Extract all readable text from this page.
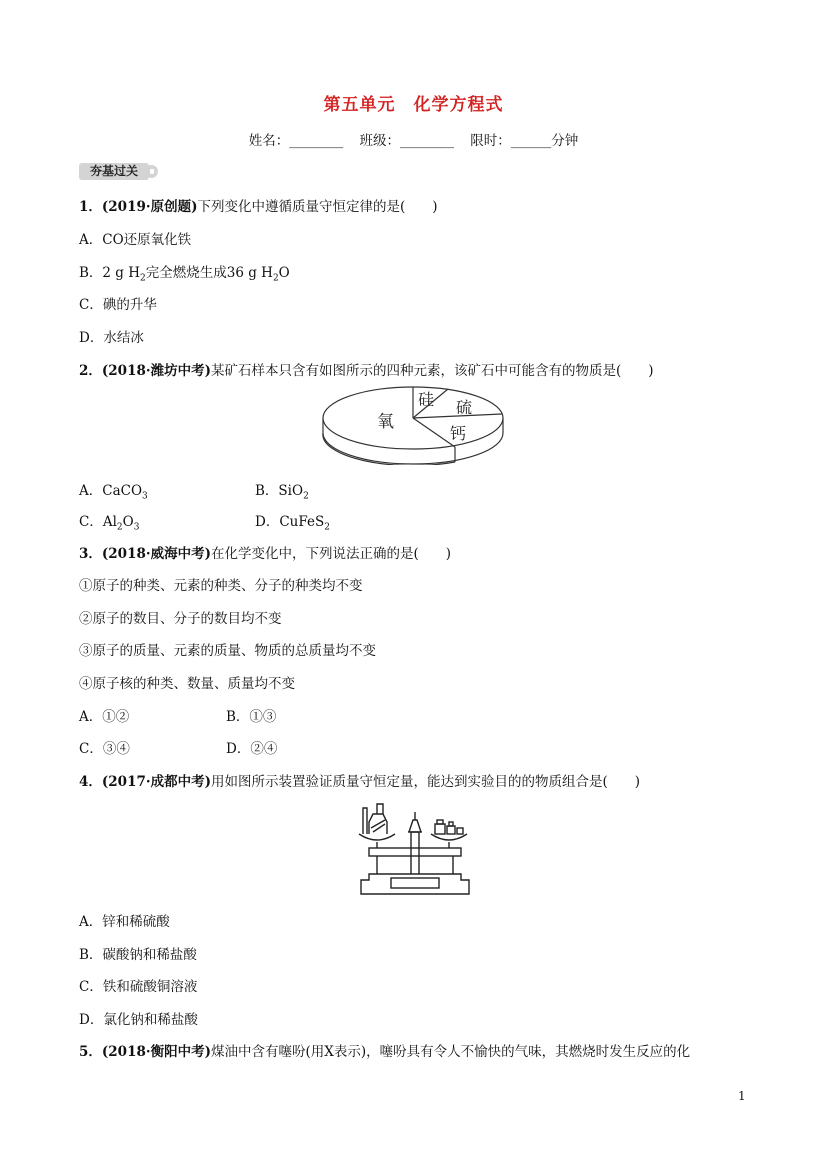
第五单元　化学方程式
姓名：________ 班级：________ 限时：______分钟
夯基过关
1．(2019·原创题)下列变化中遵循质量守恒定律的是(　　)
A．CO还原氧化铁
B．2 g $H_2$完全燃烧生成36 g $H_2O$
C．碘的升华
D．水结冰
2．(2018·潍坊中考)某矿石样本只含有如图所示的四种元素，该矿石中可能含有的物质是(　　)
氧
硅 硫
钙
A．CaCO$_3$	B．SiO$_2$
C．$Al_2O_3$	D．CuFeS$_2$
3．(2018·威海中考)在化学变化中，下列说法正确的是(　　)
①原子的种类、元素的种类、分子的种类均不变
②原子的数目、分子的数目均不变
③原子的质量、元素的质量、物质的总质量均不变
④原子核的种类、数量、质量均不变
A．①②	B．①③
C．③④	D．②④
4．(2017·成都中考)用如图所示装置验证质量守恒定量，能达到实验目的的物质组合是(　　)
A．锌和稀硫酸
B．碳酸钠和稀盐酸
C．铁和硫酸铜溶液
D．氯化钠和稀盐酸
5．(2018·衡阳中考)煤油中含有噻吩(用X表示)，噻吩具有令人不愉快的气味，其燃烧时发生反应的化
1
